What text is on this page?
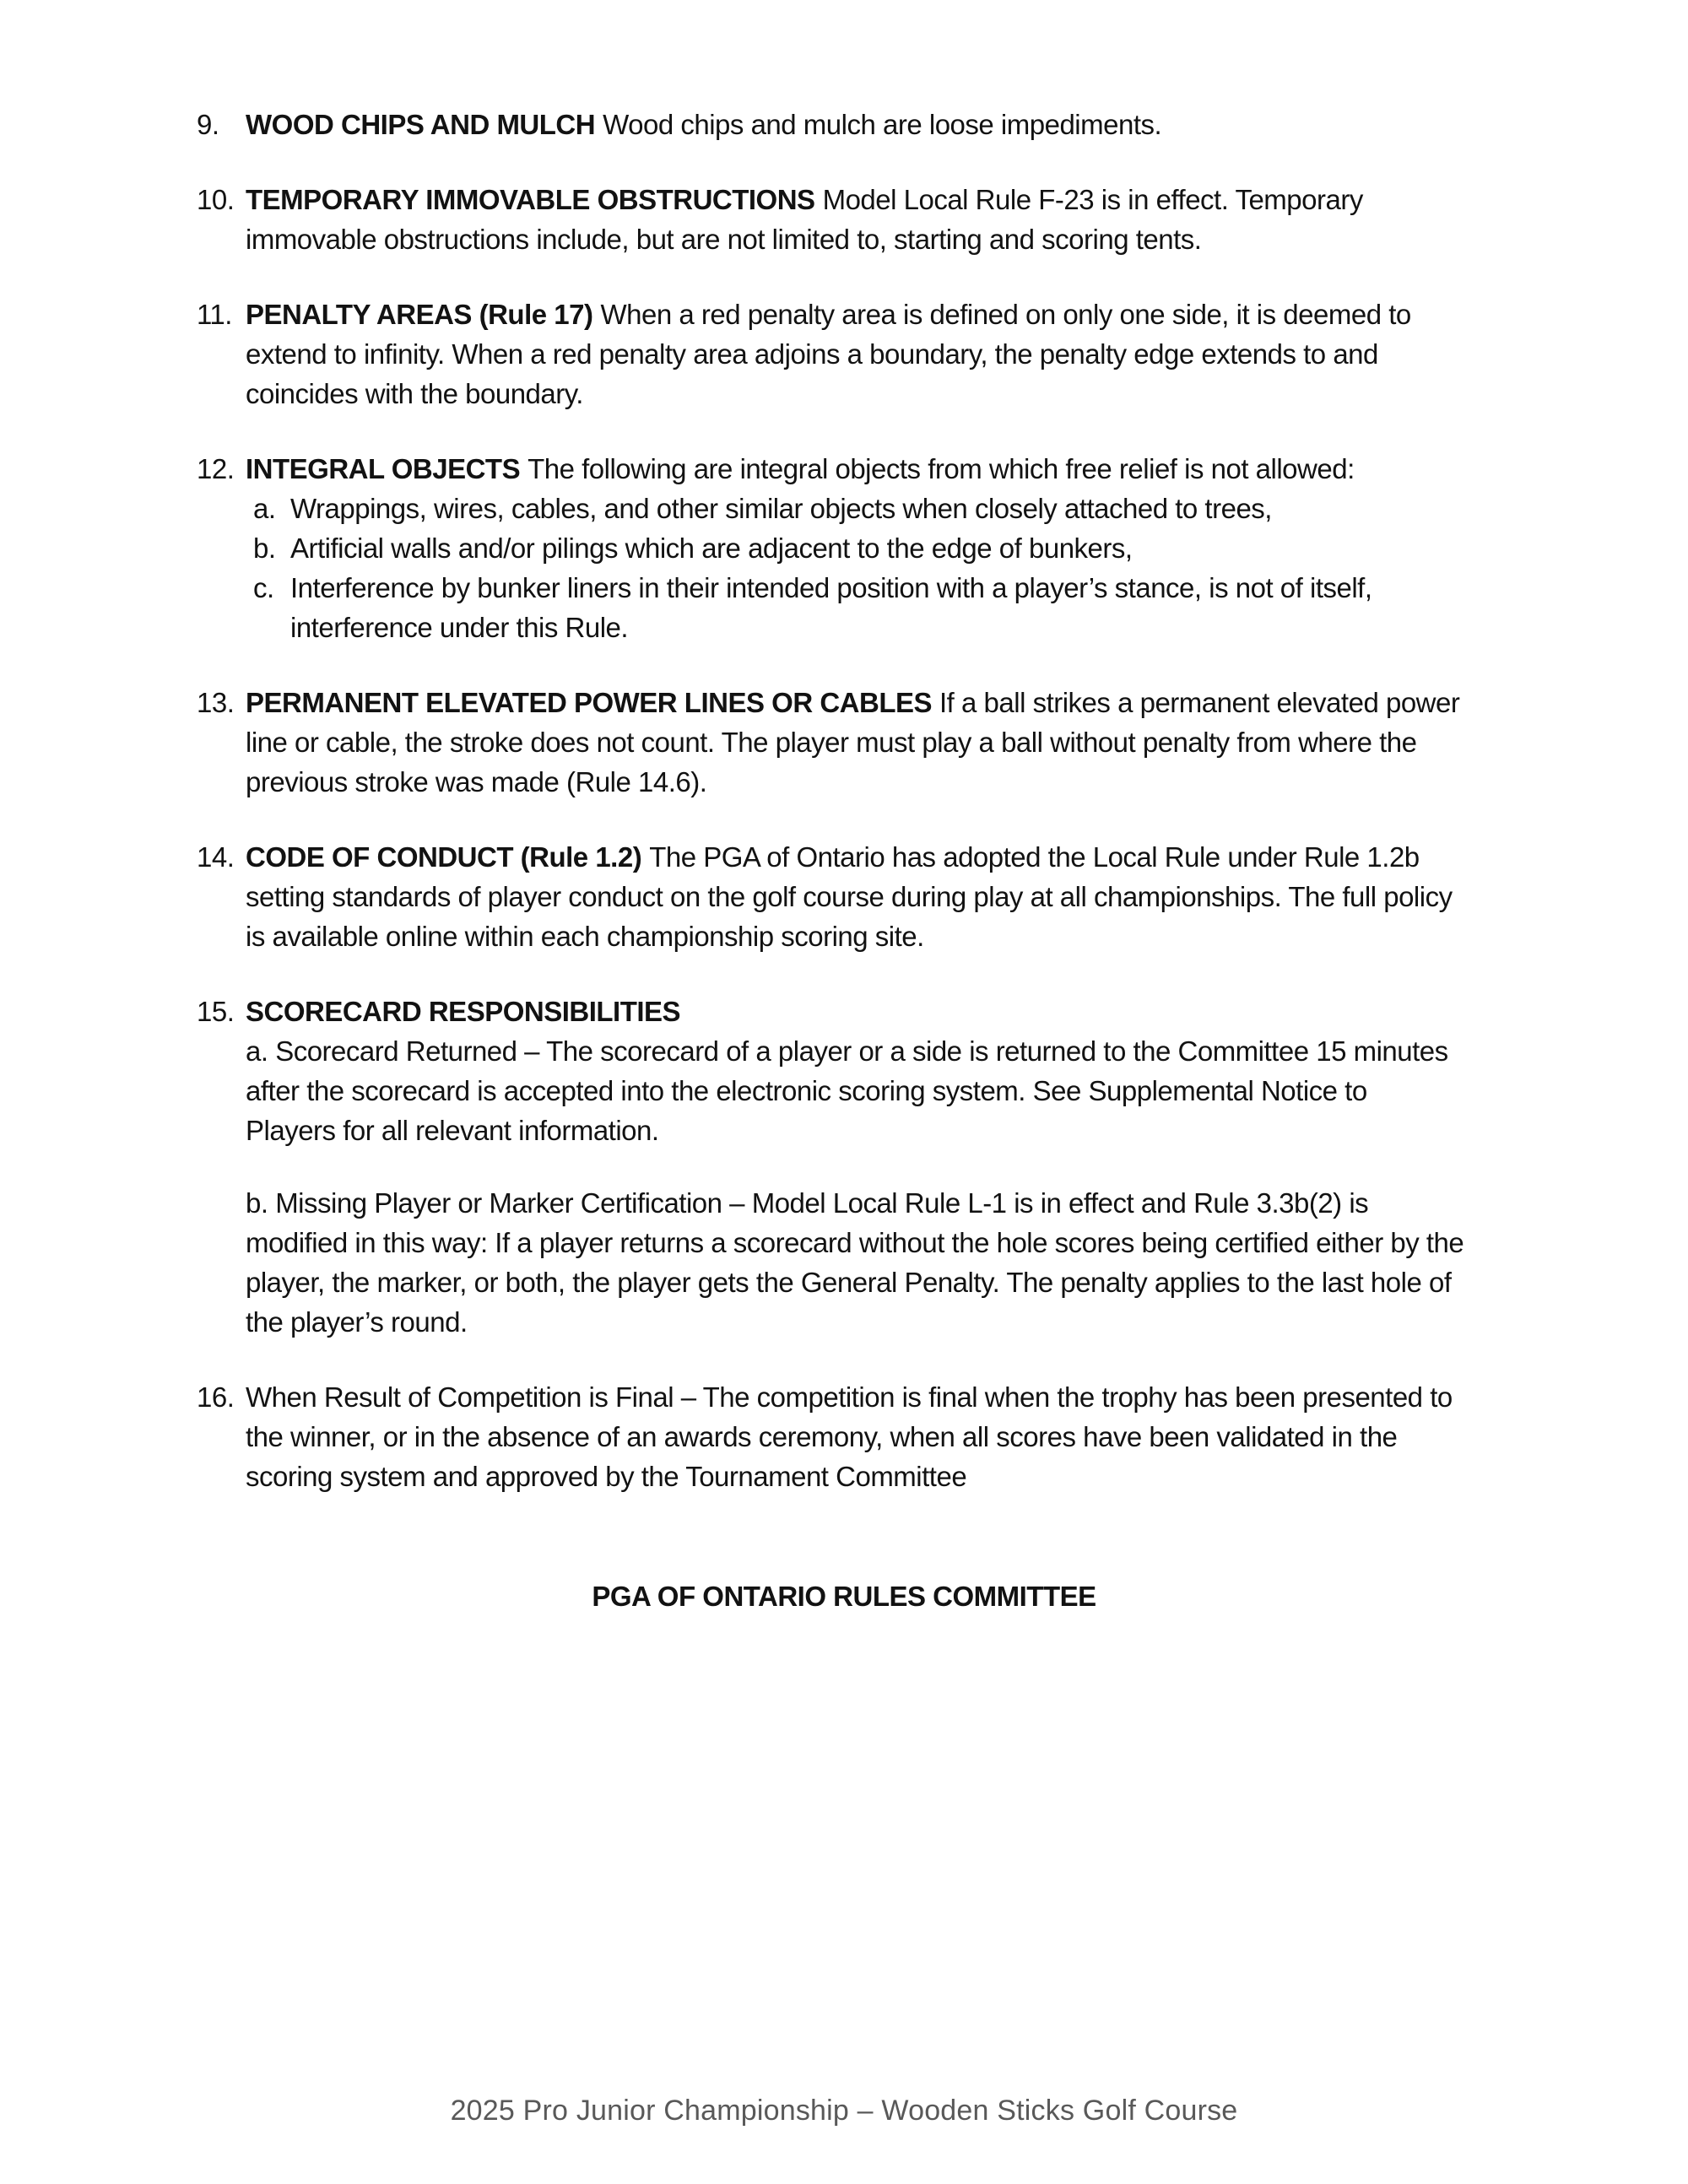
9. WOOD CHIPS AND MULCH Wood chips and mulch are loose impediments.
10. TEMPORARY IMMOVABLE OBSTRUCTIONS Model Local Rule F-23 is in effect. Temporary
immovable obstructions include, but are not limited to, starting and scoring tents.
11. PENALTY AREAS (Rule 17) When a red penalty area is defined on only one side, it is deemed to
extend to infinity. When a red penalty area adjoins a boundary, the penalty edge extends to and
coincides with the boundary.
12. INTEGRAL OBJECTS The following are integral objects from which free relief is not allowed:
a. Wrappings, wires, cables, and other similar objects when closely attached to trees,
b. Artificial walls and/or pilings which are adjacent to the edge of bunkers,
c. Interference by bunker liners in their intended position with a player’s stance, is not of itself,
interference under this Rule.
13. PERMANENT ELEVATED POWER LINES OR CABLES If a ball strikes a permanent elevated power
line or cable, the stroke does not count. The player must play a ball without penalty from where the
previous stroke was made (Rule 14.6).
14. CODE OF CONDUCT (Rule 1.2) The PGA of Ontario has adopted the Local Rule under Rule 1.2b
setting standards of player conduct on the golf course during play at all championships. The full policy
is available online within each championship scoring site.
15. SCORECARD RESPONSIBILITIES
a. Scorecard Returned – The scorecard of a player or a side is returned to the Committee 15 minutes
after the scorecard is accepted into the electronic scoring system. See Supplemental Notice to
Players for all relevant information.
b. Missing Player or Marker Certification – Model Local Rule L-1 is in effect and Rule 3.3b(2) is
modified in this way: If a player returns a scorecard without the hole scores being certified either by the
player, the marker, or both, the player gets the General Penalty. The penalty applies to the last hole of
the player’s round.
16. When Result of Competition is Final – The competition is final when the trophy has been presented to
the winner, or in the absence of an awards ceremony, when all scores have been validated in the
scoring system and approved by the Tournament Committee
PGA OF ONTARIO RULES COMMITTEE
2025 Pro Junior Championship – Wooden Sticks Golf Course
